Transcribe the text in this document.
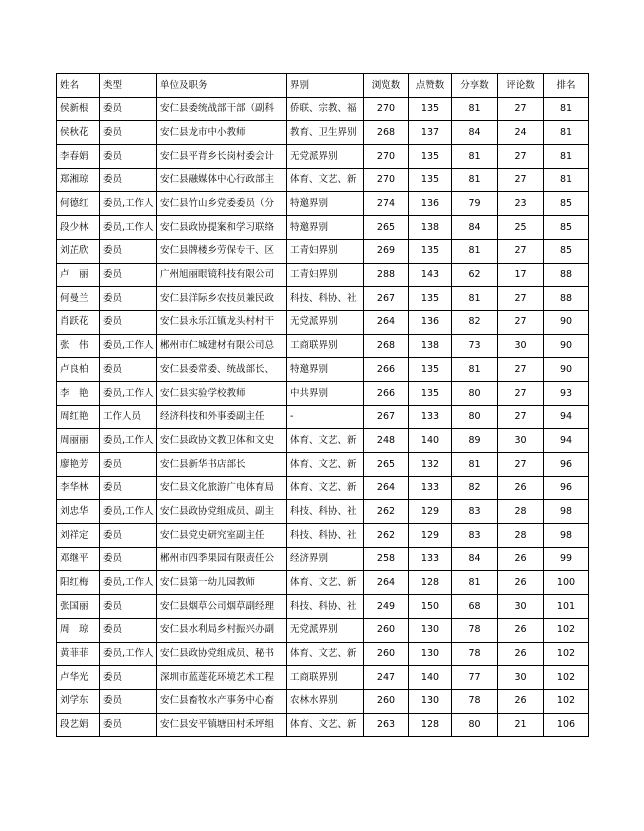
姓名	类型	单位及职务	界别	浏览数	点赞数	分享数	评论数	排名
侯新根	委员	安仁县委统战部干部（副科	侨联、宗教、福	270	135	81	27	81
侯秋花	委员	安仁县龙市中小教师	教育、卫生界别	268	137	84	24	81
李春娟	委员	安仁县平背乡长岗村委会计	无党派界别	270	135	81	27	81
郑湘琼	委员	安仁县融媒体中心行政部主	体育、文艺、新	270	135	81	27	81
何德红	委员,工作人	安仁县竹山乡党委委员（分	特邀界别	274	136	79	23	85
段少林	委员,工作人	安仁县政协提案和学习联络	特邀界别	265	138	84	25	85
刘芷欣	委员	安仁县牌楼乡劳保专干、区	工青妇界别	269	135	81	27	85
卢　丽	委员	广州旭丽眼镜科技有限公司	工青妇界别	288	143	62	17	88
何曼兰	委员	安仁县洋际乡农技员兼民政	科技、科协、社	267	135	81	27	88
肖跃花	委员	安仁县永乐江镇龙头村村干	无党派界别	264	136	82	27	90
张　伟	委员,工作人	郴州市仁城建材有限公司总	工商联界别	268	138	73	30	90
卢良柏	委员	安仁县委常委、统战部长、	特邀界别	266	135	81	27	90
李　艳	委员,工作人	安仁县实验学校教师	中共界别	266	135	80	27	93
周红艳	工作人员	经济科技和外事委副主任	-	267	133	80	27	94
周丽丽	委员,工作人	安仁县政协文教卫体和文史	体育、文艺、新	248	140	89	30	94
廖艳芳	委员	安仁县新华书店部长	体育、文艺、新	265	132	81	27	96
李华林	委员	安仁县文化旅游广电体育局	体育、文艺、新	264	133	82	26	96
刘忠华	委员,工作人	安仁县政协党组成员、副主	科技、科协、社	262	129	83	28	98
刘祥定	委员	安仁县党史研究室副主任	科技、科协、社	262	129	83	28	98
邓继平	委员	郴州市四季果园有限责任公	经济界别	258	133	84	26	99
阳红梅	委员,工作人	安仁县第一幼儿园教师	体育、文艺、新	264	128	81	26	100
张国丽	委员	安仁县烟草公司烟草副经理	科技、科协、社	249	150	68	30	101
周　琼	委员	安仁县水利局乡村振兴办副	无党派界别	260	130	78	26	102
黄菲菲	委员,工作人	安仁县政协党组成员、秘书	体育、文艺、新	260	130	78	26	102
卢华光	委员	深圳市蓝莲花环境艺术工程	工商联界别	247	140	77	30	102
刘学东	委员	安仁县畜牧水产事务中心畜	农林水界别	260	130	78	26	102
段艺娟	委员	安仁县安平镇塘田村禾坪组	体育、文艺、新	263	128	80	21	106
